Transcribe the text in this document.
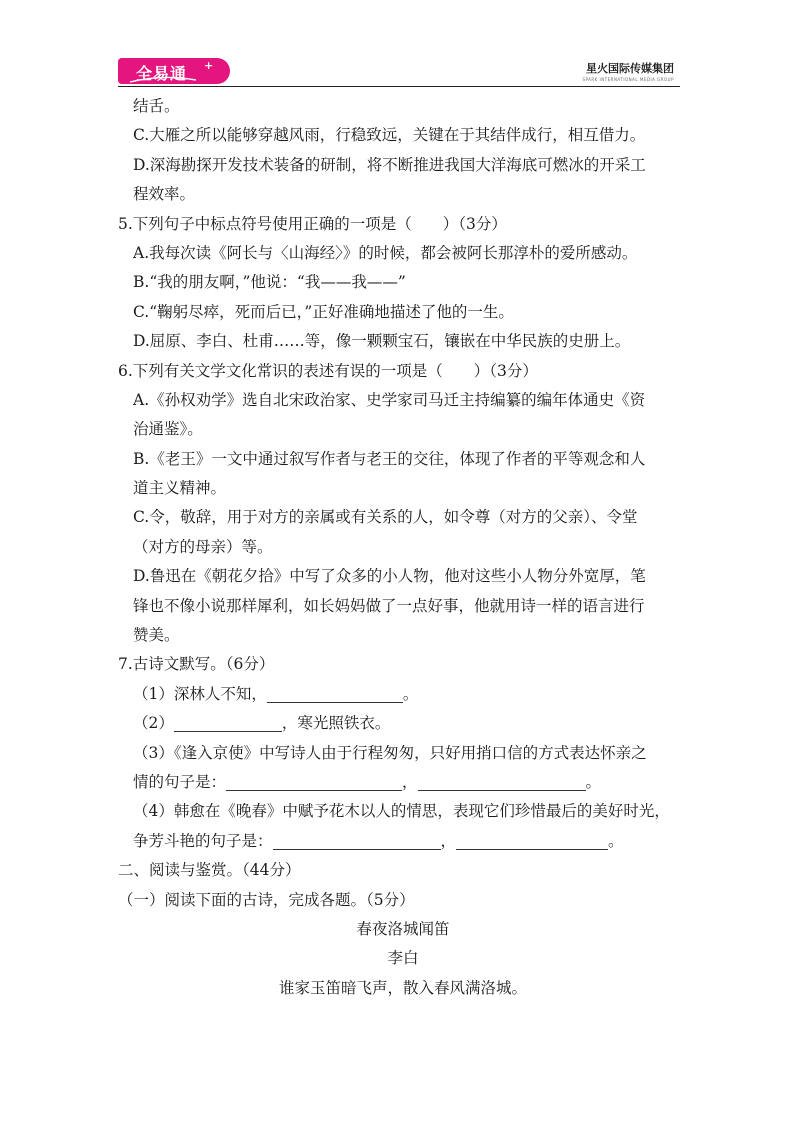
全易通 +	星火国际传媒集团
SPARK INTERNATIONAL MEDIA GROUP
结舌。
C.大雁之所以能够穿越风雨，行稳致远，关键在于其结伴成行，相互借力。
D.深海勘探开发技术装备的研制，将不断推进我国大洋海底可燃冰的开采工
程效率。
5.下列句子中标点符号使用正确的一项是（　　）（3分）
A.我每次读《阿长与〈山海经〉》的时候，都会被阿长那淳朴的爱所感动。
B.“我的朋友啊，”他说：“我——我——”
C.“鞠躬尽瘁，死而后已，”正好准确地描述了他的一生。
D.屈原、李白、杜甫……等，像一颗颗宝石，镶嵌在中华民族的史册上。
6.下列有关文学文化常识的表述有误的一项是（　　）（3分）
A.《孙权劝学》选自北宋政治家、史学家司马迁主持编纂的编年体通史《资
治通鉴》。
B.《老王》一文中通过叙写作者与老王的交往，体现了作者的平等观念和人
道主义精神。
C.令，敬辞，用于对方的亲属或有关系的人，如令尊（对方的父亲）、令堂
（对方的母亲）等。
D.鲁迅在《朝花夕拾》中写了众多的小人物，他对这些小人物分外宽厚，笔
锋也不像小说那样犀利，如长妈妈做了一点好事，他就用诗一样的语言进行
赞美。
7.古诗文默写。（6分）
（1）深林人不知，	。
（2）	，寒光照铁衣。
（3）《逢入京使》中写诗人由于行程匆匆，只好用捎口信的方式表达怀亲之
情的句子是：	，	。
（4）韩愈在《晚春》中赋予花木以人的情思，表现它们珍惜最后的美好时光，
争芳斗艳的句子是：	，	。
二、阅读与鉴赏。（44分）
（一）阅读下面的古诗，完成各题。（5分）
春夜洛城闻笛
李白
谁家玉笛暗飞声，散入春风满洛城。
